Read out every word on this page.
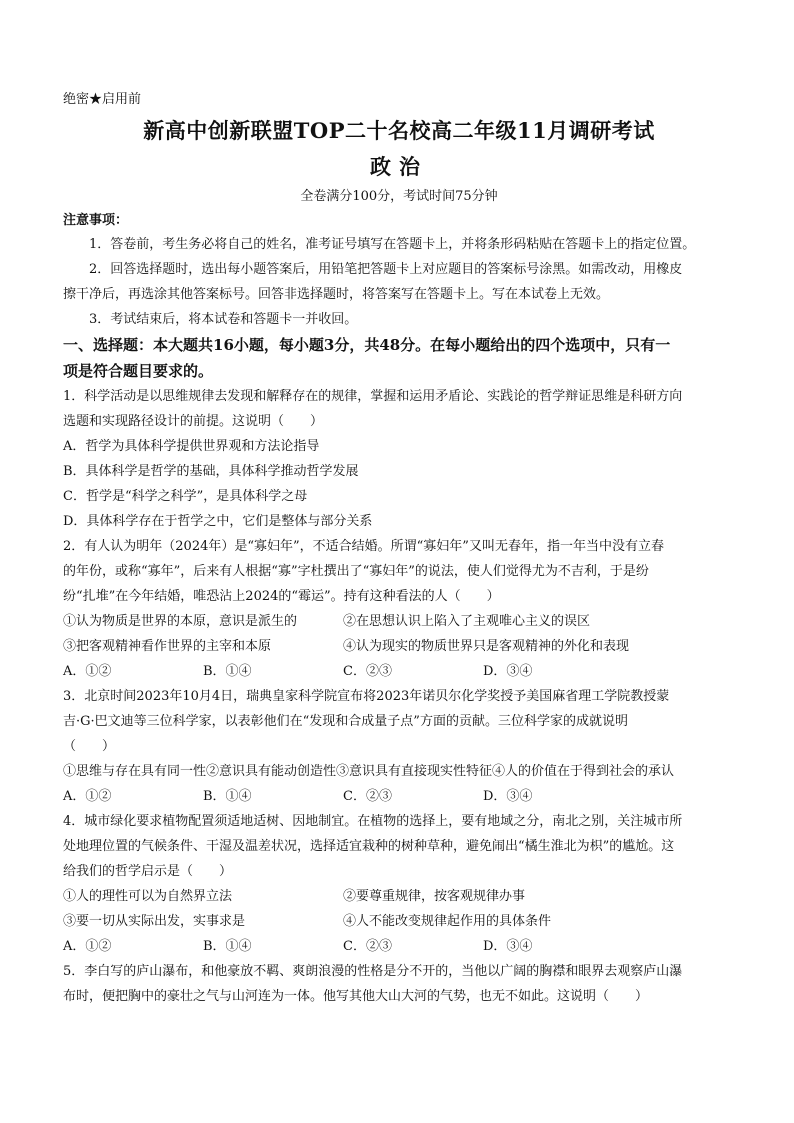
绝密★启用前
新高中创新联盟TOP二十名校高二年级11月调研考试
政治
全卷满分100分，考试时间75分钟
注意事项：
1．答卷前，考生务必将自己的姓名，准考证号填写在答题卡上，并将条形码粘贴在答题卡上的指定位置。
2．回答选择题时，选出每小题答案后，用铅笔把答题卡上对应题目的答案标号涂黑。如需改动，用橡皮
擦干净后，再选涂其他答案标号。回答非选择题时，将答案写在答题卡上。写在本试卷上无效。
3．考试结束后，将本试卷和答题卡一并收回。
一、选择题：本大题共16小题，每小题3分，共48分。在每小题给出的四个选项中，只有一
项是符合题目要求的。
1．科学活动是以思维规律去发现和解释存在的规律，掌握和运用矛盾论、实践论的哲学辩证思维是科研方向
选题和实现路径设计的前提。这说明（　　）
A．哲学为具体科学提供世界观和方法论指导
B．具体科学是哲学的基础，具体科学推动哲学发展
C．哲学是“科学之科学”，是具体科学之母
D．具体科学存在于哲学之中，它们是整体与部分关系
2．有人认为明年（2024年）是“寡妇年”，不适合结婚。所谓“寡妇年”又叫无春年，指一年当中没有立春
的年份，或称“寡年”，后来有人根据“寡”字杜撰出了“寡妇年”的说法，使人们觉得尤为不吉利，于是纷
纷“扎堆”在今年结婚，唯恐沾上2024的“霉运”。持有这种看法的人（　　）
①认为物质是世界的本原，意识是派生的	②在思想认识上陷入了主观唯心主义的误区
③把客观精神看作世界的主宰和本原	④认为现实的物质世界只是客观精神的外化和表现
A．①②	B．①④	C．②③	D．③④
3．北京时间2023年10月4日，瑞典皇家科学院宣布将2023年诺贝尔化学奖授予美国麻省理工学院教授蒙
吉·G·巴文迪等三位科学家，以表彰他们在“发现和合成量子点”方面的贡献。三位科学家的成就说明
（　　）
①思维与存在具有同一性②意识具有能动创造性③意识具有直接现实性特征④人的价值在于得到社会的承认
A．①②	B．①④	C．②③	D．③④
4．城市绿化要求植物配置须适地适树、因地制宜。在植物的选择上，要有地域之分，南北之别，关注城市所
处地理位置的气候条件、干湿及温差状况，选择适宜栽种的树种草种，避免闹出“橘生淮北为枳”的尴尬。这
给我们的哲学启示是（　　）
①人的理性可以为自然界立法	②要尊重规律，按客观规律办事
③要一切从实际出发，实事求是	④人不能改变规律起作用的具体条件
A．①②	B．①④	C．②③	D．③④
5．李白写的庐山瀑布，和他豪放不羁、爽朗浪漫的性格是分不开的，当他以广阔的胸襟和眼界去观察庐山瀑
布时，便把胸中的豪壮之气与山河连为一体。他写其他大山大河的气势，也无不如此。这说明（　　）
